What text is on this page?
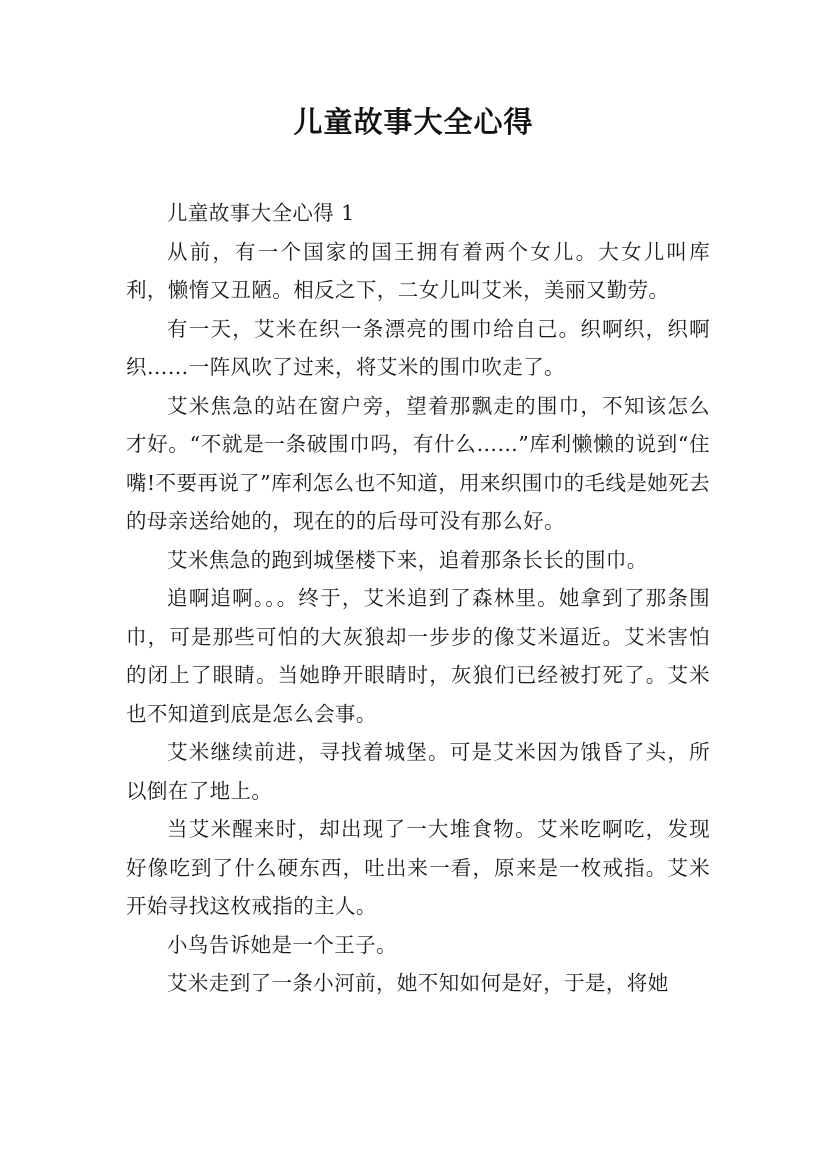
儿童故事大全心得

儿童故事大全心得 1

从前，有一个国家的国王拥有着两个女儿。大女儿叫库利，懒惰又丑陋。相反之下，二女儿叫艾米，美丽又勤劳。

有一天，艾米在织一条漂亮的围巾给自己。织啊织，织啊织……一阵风吹了过来，将艾米的围巾吹走了。

艾米焦急的站在窗户旁，望着那飘走的围巾，不知该怎么才好。“不就是一条破围巾吗，有什么……”库利懒懒的说到“住嘴!不要再说了”库利怎么也不知道，用来织围巾的毛线是她死去的母亲送给她的，现在的的后母可没有那么好。

艾米焦急的跑到城堡楼下来，追着那条长长的围巾。

追啊追啊。。。终于，艾米追到了森林里。她拿到了那条围巾，可是那些可怕的大灰狼却一步步的像艾米逼近。艾米害怕的闭上了眼睛。当她睁开眼睛时，灰狼们已经被打死了。艾米也不知道到底是怎么会事。

艾米继续前进，寻找着城堡。可是艾米因为饿昏了头，所以倒在了地上。

当艾米醒来时，却出现了一大堆食物。艾米吃啊吃，发现好像吃到了什么硬东西，吐出来一看，原来是一枚戒指。艾米开始寻找这枚戒指的主人。

小鸟告诉她是一个王子。

艾米走到了一条小河前，她不知如何是好，于是，将她
